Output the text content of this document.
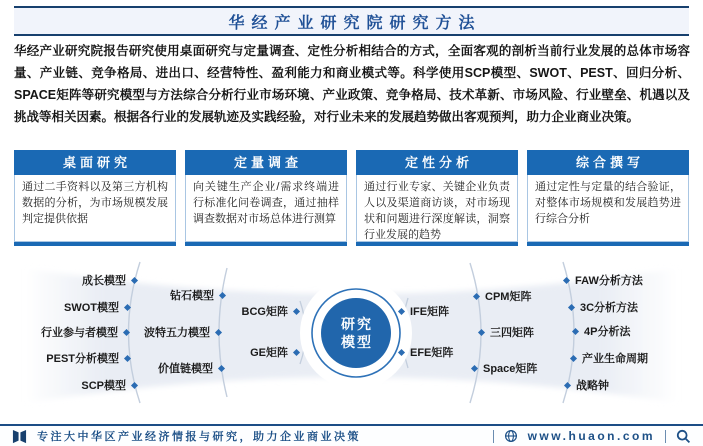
华经产业研究院研究方法

华经产业研究院报告研究使用桌面研究与定量调查、定性分析相结合的方式，全面客观的剖析当前行业发展的总体市场容量、产业链、竞争格局、进出口、经营特性、盈利能力和商业模式等。科学使用SCP模型、SWOT、PEST、回归分析、SPACE矩阵等研究模型与方法综合分析行业市场环境、产业政策、竞争格局、技术革新、市场风险、行业壁垒、机遇以及挑战等相关因素。根据各行业的发展轨迹及实践经验，对行业未来的发展趋势做出客观预判，助力企业商业决策。

桌面研究
通过二手资料以及第三方机构数据的分析，为市场规模发展判定提供依据
定量调查
向关键生产企业/需求终端进行标准化问卷调查，通过抽样调查数据对市场总体进行测算
定性分析
通过行业专家、关键企业负责人以及渠道商访谈，对市场现状和问题进行深度解读，洞察行业发展的趋势
综合撰写
通过定性与定量的结合验证，对整体市场规模和发展趋势进行综合分析
研究
模型
成长模型
SWOT模型
行业参与者模型
PEST分析模型
SCP模型
钻石模型
波特五力模型
价值链模型
BCG矩阵
GE矩阵
IFE矩阵
EFE矩阵
CPM矩阵
三四矩阵
Space矩阵
FAW分析方法
3C分析方法
4P分析法
产业生命周期
战略钟
专注大中华区产业经济情报与研究，助力企业商业决策	www.huaon.com
